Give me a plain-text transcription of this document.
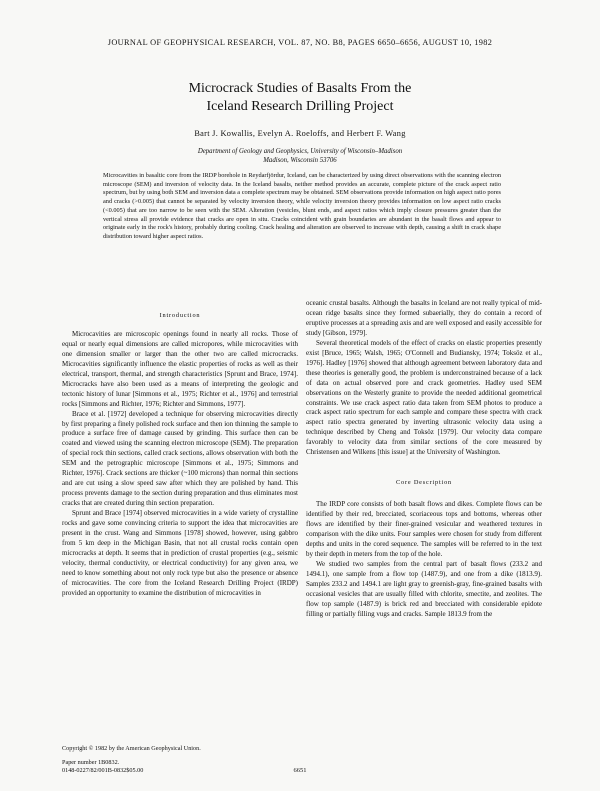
JOURNAL OF GEOPHYSICAL RESEARCH, VOL. 87, NO. B8, PAGES 6650–6656, AUGUST 10, 1982
Microcrack Studies of Basalts From the
Iceland Research Drilling Project
Bart J. Kowallis, Evelyn A. Roeloffs, and Herbert F. Wang
Department of Geology and Geophysics, University of Wisconsin–Madison
Madison, Wisconsin 53706

Microcavities in basaltic core from the IRDP borehole in Reydarfjördur, Iceland, can be characterized by using direct observations with the scanning electron microscope (SEM) and inversion of velocity data. In the Iceland basalts, neither method provides an accurate, complete picture of the crack aspect ratio spectrum, but by using both SEM and inversion data a complete spectrum may be obtained. SEM observations provide information on high aspect ratio pores and cracks (>0.005) that cannot be separated by velocity inversion theory, while velocity inversion theory provides information on low aspect ratio cracks (<0.005) that are too narrow to be seen with the SEM. Alteration (vesicles, blunt ends, and aspect ratios which imply closure pressures greater than the vertical stress all provide evidence that cracks are open in situ. Cracks coincident with grain boundaries are abundant in the basalt flows and appear to originate early in the rock's history, probably during cooling. Crack healing and alteration are observed to increase with depth, causing a shift in crack shape distribution toward higher aspect ratios.

Introduction

Microcavities are microscopic openings found in nearly all rocks. Those of equal or nearly equal dimensions are called micropores, while microcavities with one dimension smaller or larger than the other two are called microcracks. Microcavities significantly influence the elastic properties of rocks as well as their electrical, transport, thermal, and strength characteristics [Sprunt and Brace, 1974]. Microcracks have also been used as a means of interpreting the geologic and tectonic history of lunar [Simmons et al., 1975; Richter et al., 1976] and terrestrial rocks [Simmons and Richter, 1976; Richter and Simmons, 1977].

Brace et al. [1972] developed a technique for observing microcavities directly by first preparing a finely polished rock surface and then ion thinning the sample to produce a surface free of damage caused by grinding. This surface then can be coated and viewed using the scanning electron microscope (SEM). The preparation of special rock thin sections, called crack sections, allows observation with both the SEM and the petrographic microscope [Simmons et al., 1975; Simmons and Richter, 1976]. Crack sections are thicker (~100 microns) than normal thin sections and are cut using a slow speed saw after which they are polished by hand. This process prevents damage to the section during preparation and thus eliminates most cracks that are created during thin section preparation.

Sprunt and Brace [1974] observed microcavities in a wide variety of crystalline rocks and gave some convincing criteria to support the idea that microcavities are present in the crust. Wang and Simmons [1978] showed, however, using gabbro from 5 km deep in the Michigan Basin, that not all crustal rocks contain open microcracks at depth. It seems that in prediction of crustal properties (e.g., seismic velocity, thermal conductivity, or electrical conductivity) for any given area, we need to know something about not only rock type but also the presence or absence of microcavities. The core from the Iceland Research Drilling Project (IRDP) provided an opportunity to examine the distribution of microcavities in

oceanic crustal basalts. Although the basalts in Iceland are not really typical of mid-ocean ridge basalts since they formed subaerially, they do contain a record of eruptive processes at a spreading axis and are well exposed and easily accessible for study [Gibson, 1979].

Several theoretical models of the effect of cracks on elastic properties presently exist [Bruce, 1965; Walsh, 1965; O'Connell and Budiansky, 1974; Toksöz et al., 1976]. Hadley [1976] showed that although agreement between laboratory data and these theories is generally good, the problem is underconstrained because of a lack of data on actual observed pore and crack geometries. Hadley used SEM observations on the Westerly granite to provide the needed additional geometrical constraints. We use crack aspect ratio data taken from SEM photos to produce a crack aspect ratio spectrum for each sample and compare these spectra with crack aspect ratio spectra generated by inverting ultrasonic velocity data using a technique described by Cheng and Toksöz [1979]. Our velocity data compare favorably to velocity data from similar sections of the core measured by Christensen and Wilkens [this issue] at the University of Washington.

Core Description

The IRDP core consists of both basalt flows and dikes. Complete flows can be identified by their red, brecciated, scoriaceous tops and bottoms, whereas other flows are identified by their finer-grained vesicular and weathered textures in comparison with the dike units. Four samples were chosen for study from different depths and units in the cored sequence. The samples will be referred to in the text by their depth in meters from the top of the hole.

We studied two samples from the central part of basalt flows (233.2 and 1494.1), one sample from a flow top (1487.9), and one from a dike (1813.9). Samples 233.2 and 1494.1 are light gray to greenish-gray, fine-grained basalts with occasional vesicles that are usually filled with chlorite, smectite, and zeolites. The flow top sample (1487.9) is brick red and brecciated with considerable epidote filling or partially filling vugs and cracks. Sample 1813.9 from the

Copyright © 1982 by the American Geophysical Union.
Paper number 1B0832.
0148-0227/82/001B-0832$05.00	6651
